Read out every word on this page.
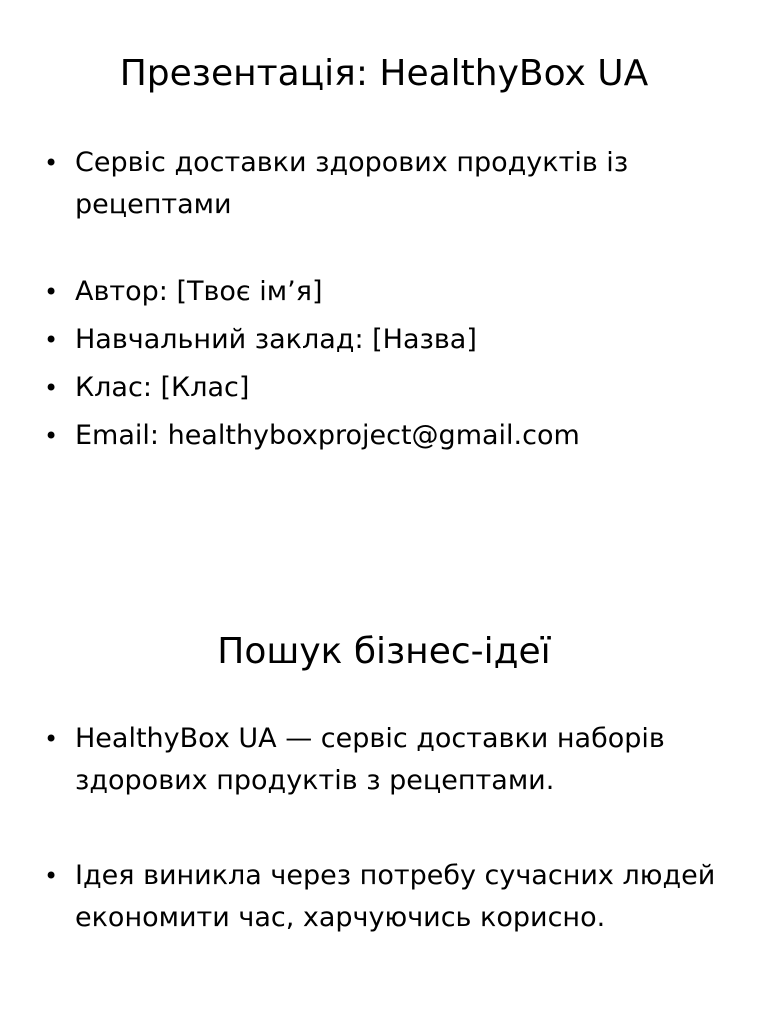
Презентація: HealthyBox UA
• Сервіс доставки здорових продуктів із рецептами
• Автор: [Твоє ім’я]
• Навчальний заклад: [Назва]
• Клас: [Клас]
• Email: healthyboxproject@gmail.com
Пошук бізнес-ідеї
• HealthyBox UA — сервіс доставки наборів здорових продуктів з рецептами.
• Ідея виникла через потребу сучасних людей економити час, харчуючись корисно.
